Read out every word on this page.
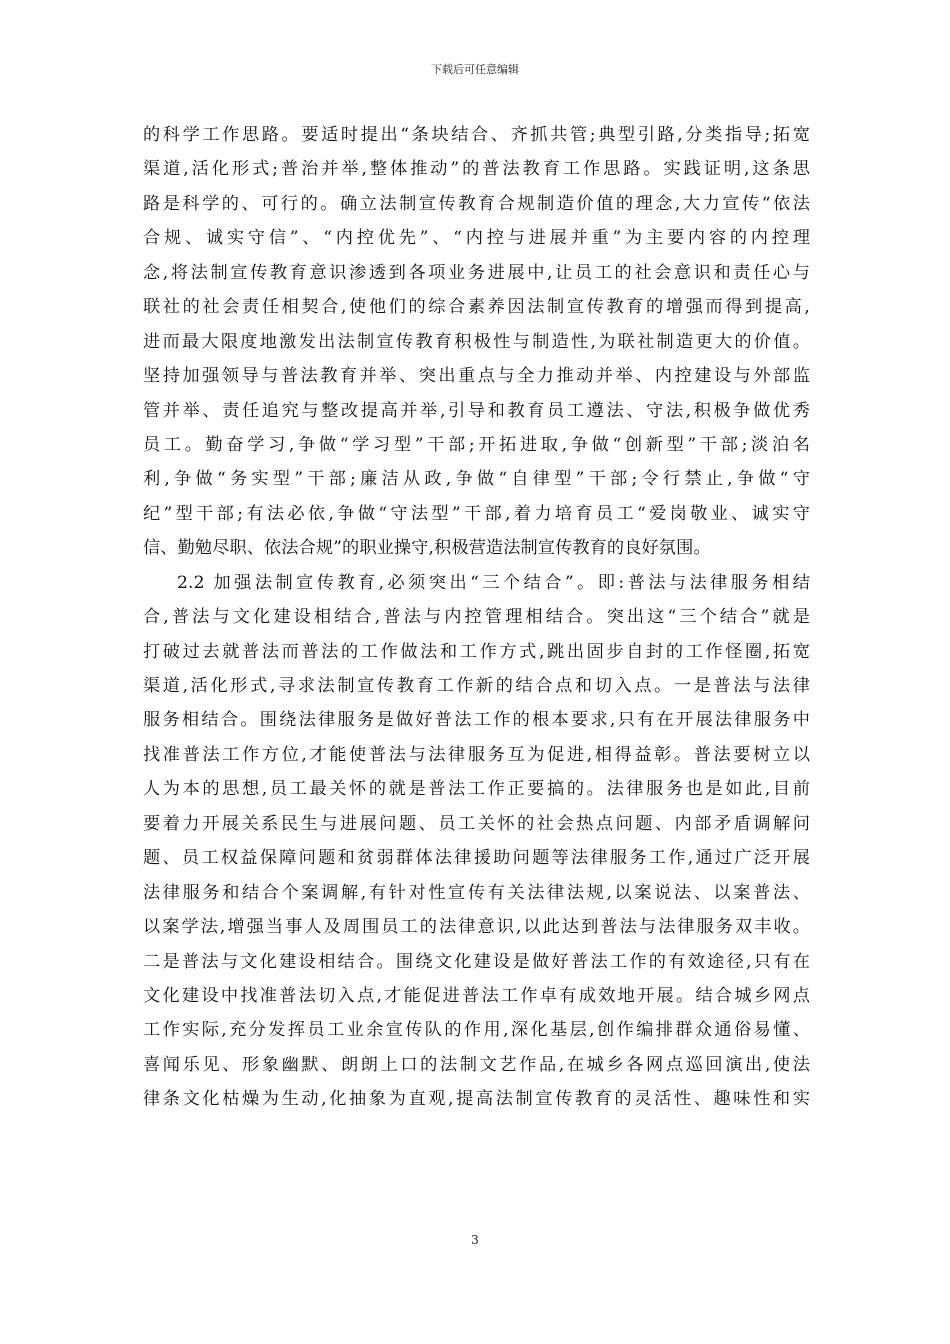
下载后可任意编辑
的科学工作思路。要适时提出“条块结合、齐抓共管;典型引路,分类指导;拓宽
渠道,活化形式;普治并举,整体推动”的普法教育工作思路。实践证明,这条思
路是科学的、可行的。确立法制宣传教育合规制造价值的理念,大力宣传“依法
合规、诚实守信”、“内控优先”、“内控与进展并重”为主要内容的内控理
念,将法制宣传教育意识渗透到各项业务进展中,让员工的社会意识和责任心与
联社的社会责任相契合,使他们的综合素养因法制宣传教育的增强而得到提高,
进而最大限度地激发出法制宣传教育积极性与制造性,为联社制造更大的价值。
坚持加强领导与普法教育并举、突出重点与全力推动并举、内控建设与外部监
管并举、责任追究与整改提高并举,引导和教育员工遵法、守法,积极争做优秀
员工。勤奋学习,争做“学习型”干部;开拓进取,争做“创新型”干部;淡泊名
利,争做“务实型”干部;廉洁从政,争做“自律型”干部;令行禁止,争做“守
纪”型干部;有法必依,争做“守法型”干部,着力培育员工“爱岗敬业、诚实守
信、勤勉尽职、依法合规”的职业操守,积极营造法制宣传教育的良好氛围。
2.2 加强法制宣传教育,必须突出“三个结合”。即:普法与法律服务相结
合,普法与文化建设相结合,普法与内控管理相结合。突出这“三个结合”就是
打破过去就普法而普法的工作做法和工作方式,跳出固步自封的工作怪圈,拓宽
渠道,活化形式,寻求法制宣传教育工作新的结合点和切入点。一是普法与法律
服务相结合。围绕法律服务是做好普法工作的根本要求,只有在开展法律服务中
找准普法工作方位,才能使普法与法律服务互为促进,相得益彰。普法要树立以
人为本的思想,员工最关怀的就是普法工作正要搞的。法律服务也是如此,目前
要着力开展关系民生与进展问题、员工关怀的社会热点问题、内部矛盾调解问
题、员工权益保障问题和贫弱群体法律援助问题等法律服务工作,通过广泛开展
法律服务和结合个案调解,有针对性宣传有关法律法规,以案说法、以案普法、
以案学法,增强当事人及周围员工的法律意识,以此达到普法与法律服务双丰收。
二是普法与文化建设相结合。围绕文化建设是做好普法工作的有效途径,只有在
文化建设中找准普法切入点,才能促进普法工作卓有成效地开展。结合城乡网点
工作实际,充分发挥员工业余宣传队的作用,深化基层,创作编排群众通俗易懂、
喜闻乐见、形象幽默、朗朗上口的法制文艺作品,在城乡各网点巡回演出,使法
律条文化枯燥为生动,化抽象为直观,提高法制宣传教育的灵活性、趣味性和实
3
